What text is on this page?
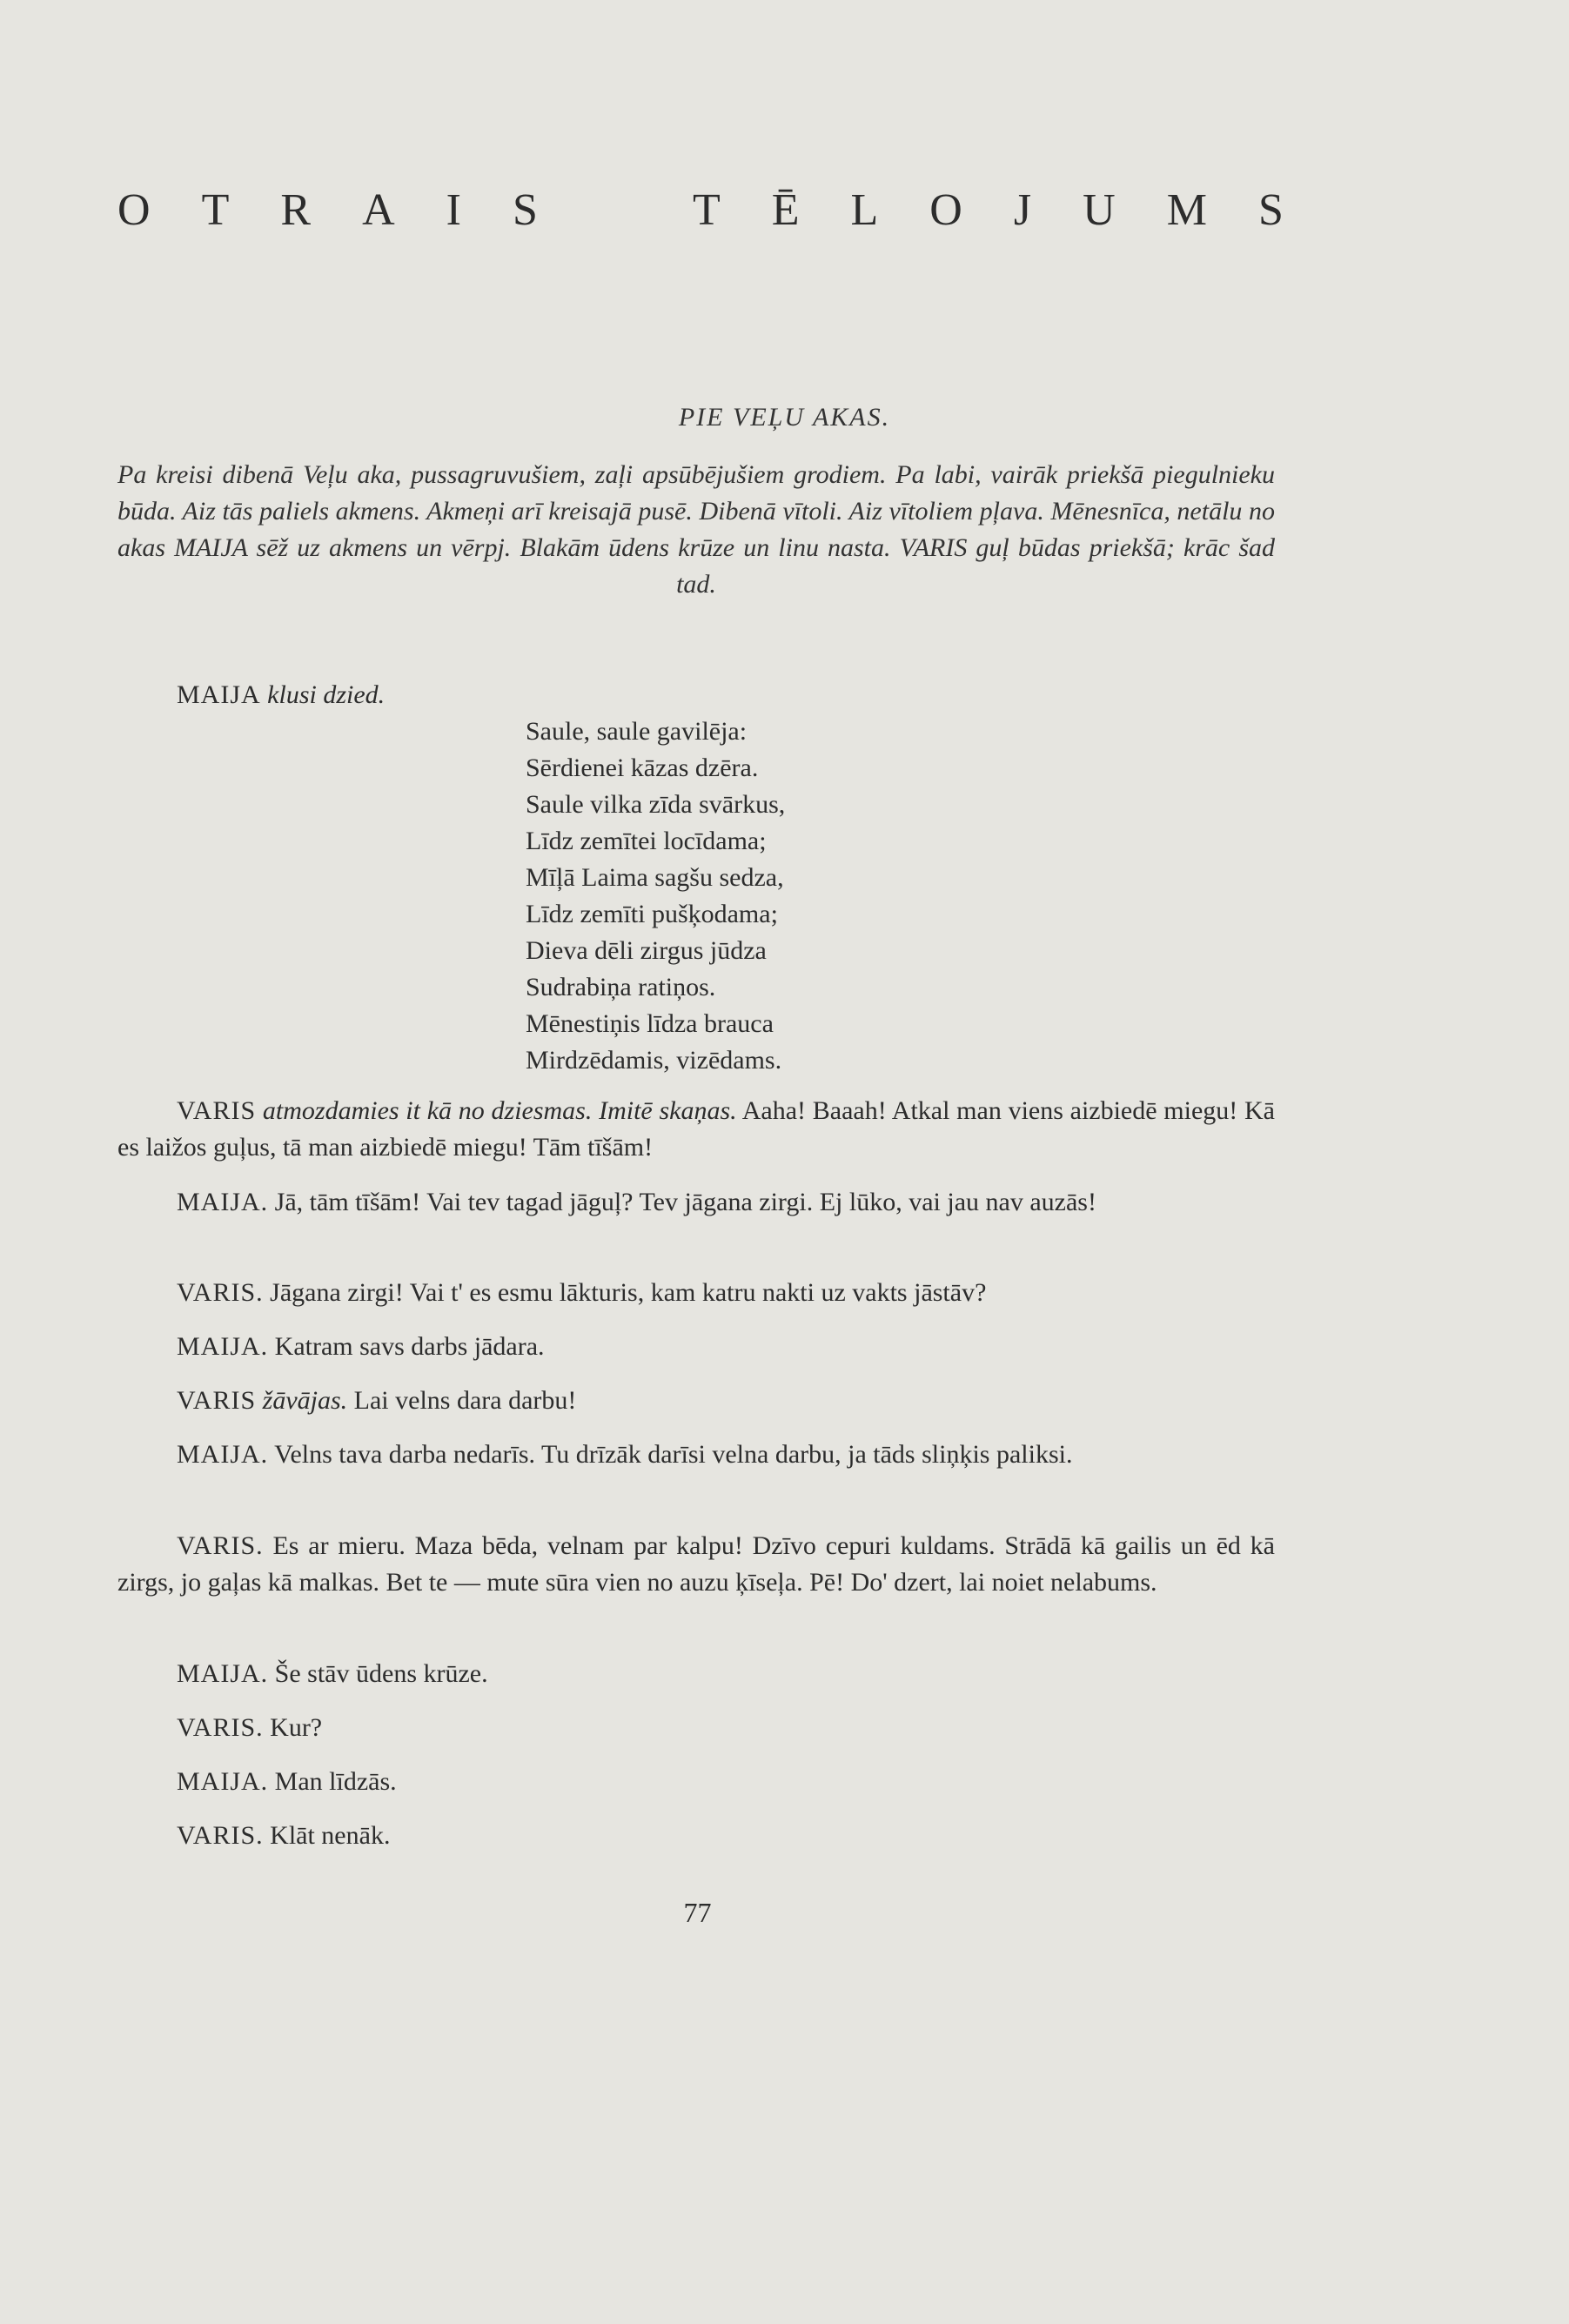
O T R A I S	T Ē L O J U M S
PIE VEĻU AKAS.
Pa kreisi dibenā Veļu aka, pussagruvušiem, zaļi apsūbējušiem grodiem. Pa labi, vairāk priekšā piegulnieku būda. Aiz tās paliels akmens. Akmeņi arī kreisajā pusē. Dibenā vītoli. Aiz vītoliem pļava. Mēnesnīca, netālu no akas MAIJA sēž uz akmens un vērpj. Blakām ūdens krūze un linu nasta. VARIS guļ būdas priekšā; krāc šad tad.
MAIJA klusi dzied.
Saule, saule gavilēja:
Sērdienei kāzas dzēra.
Saule vilka zīda svārkus,
Līdz zemītei locīdama;
Mīļā Laima sagšu sedza,
Līdz zemīti pušķodama;
Dieva dēli zirgus jūdza
Sudrabiņa ratiņos.
Mēnestiņis līdza brauca
Mirdzēdamis, vizēdams.
VARIS atmozdamies it kā no dziesmas. Imitē skaņas. Aaha! Baaah! Atkal man viens aizbiedē miegu! Kā es laižos guļus, tā man aizbiedē miegu! Tām tīšām!
MAIJA. Jā, tām tīšām! Vai tev tagad jāguļ? Tev jāgana zirgi. Ej lūko, vai jau nav auzās!
VARIS. Jāgana zirgi! Vai t' es esmu lākturis, kam katru nakti uz vakts jāstāv?
MAIJA. Katram savs darbs jādara.
VARIS žāvājas. Lai velns dara darbu!
MAIJA. Velns tava darba nedarīs. Tu drīzāk darīsi velna darbu, ja tāds sliņķis paliksi.
VARIS. Es ar mieru. Maza bēda, velnam par kalpu! Dzīvo cepuri kuldams. Strādā kā gailis un ēd kā zirgs, jo gaļas kā malkas. Bet te — mute sūra vien no auzu ķīseļa. Pē! Do' dzert, lai noiet nelabums.
MAIJA. Še stāv ūdens krūze.
VARIS. Kur?
MAIJA. Man līdzās.
VARIS. Klāt nenāk.
77
